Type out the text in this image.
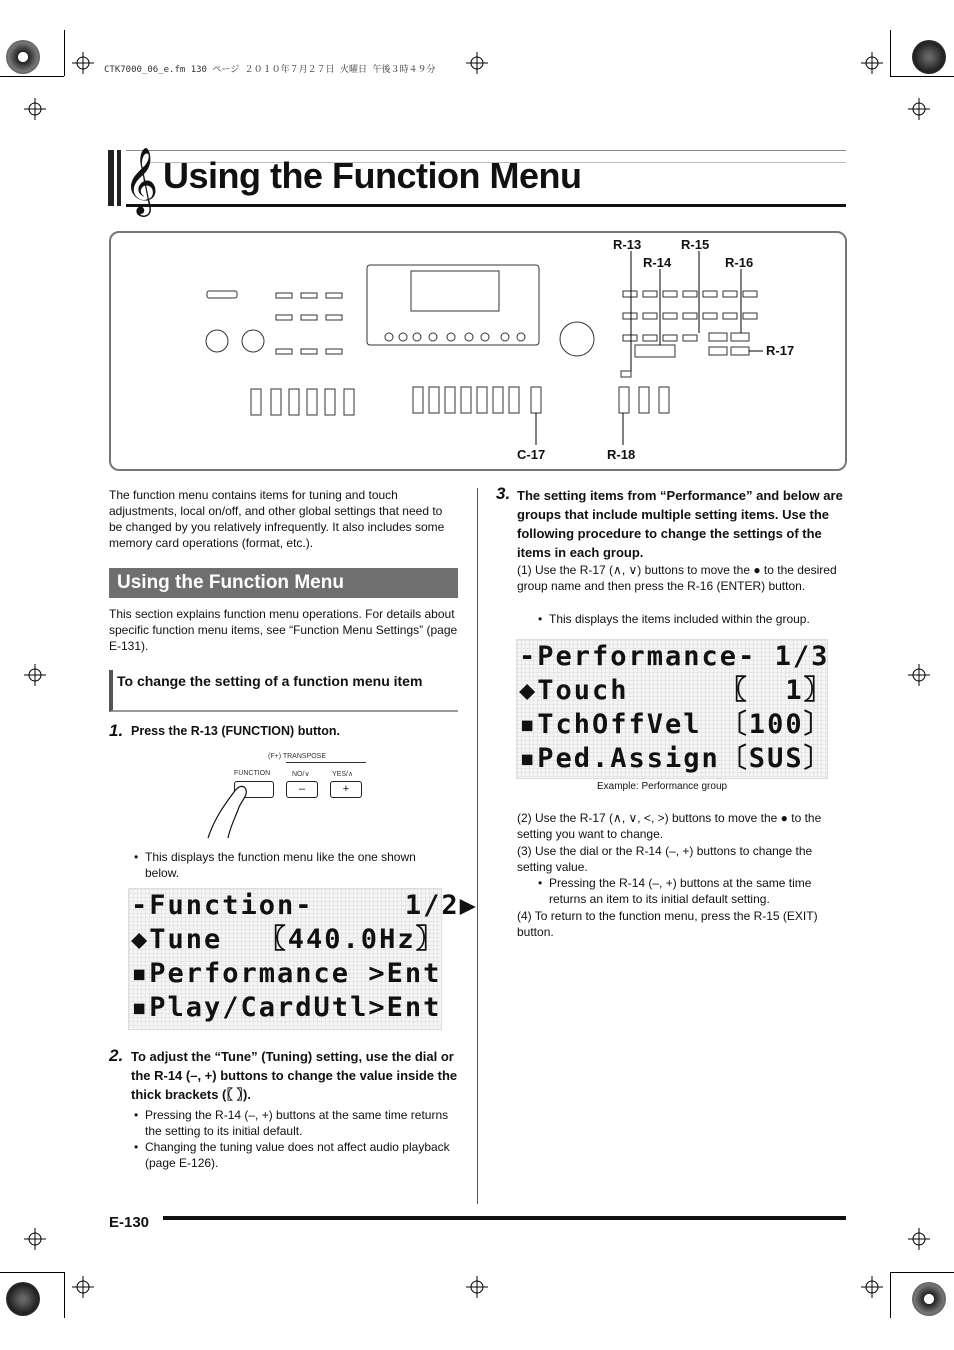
CTK7000_06_e.fm 130 ページ ２０１０年７月２７日 火曜日 午後３時４９分
𝄞 Using the Function Menu
R-13	R-15
R-14	R-16
R-17
C-17	R-18
The function menu contains items for tuning and touch adjustments, local on/off, and other global settings that need to be changed by you relatively infrequently. It also includes some memory card operations (format, etc.).
Using the Function Menu
This section explains function menu operations. For details about specific function menu items, see “Function Menu Settings” (page E-131).
To change the setting of a function menu item
1. Press the R-13 (FUNCTION) button.
(F+) TRANSPOSE
FUNCTION	NO/∨	YES/∧
–	+
• This displays the function menu like the one shown below.
-Function-     1/2▶
◆Tune  〖440.0Hz〗
▪Performance >Ent
▪Play/CardUtl>Ent
2. To adjust the “Tune” (Tuning) setting, use the dial or the R-14 (–, +) buttons to change the value inside the thick brackets (〖 〗).
• Pressing the R-14 (–, +) buttons at the same time returns the setting to its initial default.
• Changing the tuning value does not affect audio playback (page E-126).
3. The setting items from “Performance” and below are groups that include multiple setting items. Use the following procedure to change the settings of the items in each group.
(1) Use the R-17 (∧, ∨) buttons to move the ● to the desired group name and then press the R-16 (ENTER) button.
• This displays the items included within the group.
-Performance- 1/3
◆Touch     〖  1〗
▪TchOffVel 〔100〕
▪Ped.Assign〔SUS〕
Example: Performance group
(2) Use the R-17 (∧, ∨, <, >) buttons to move the ● to the setting you want to change.
(3) Use the dial or the R-14 (–, +) buttons to change the setting value.
• Pressing the R-14 (–, +) buttons at the same time returns an item to its initial default setting.
(4) To return to the function menu, press the R-15 (EXIT) button.
E-130
